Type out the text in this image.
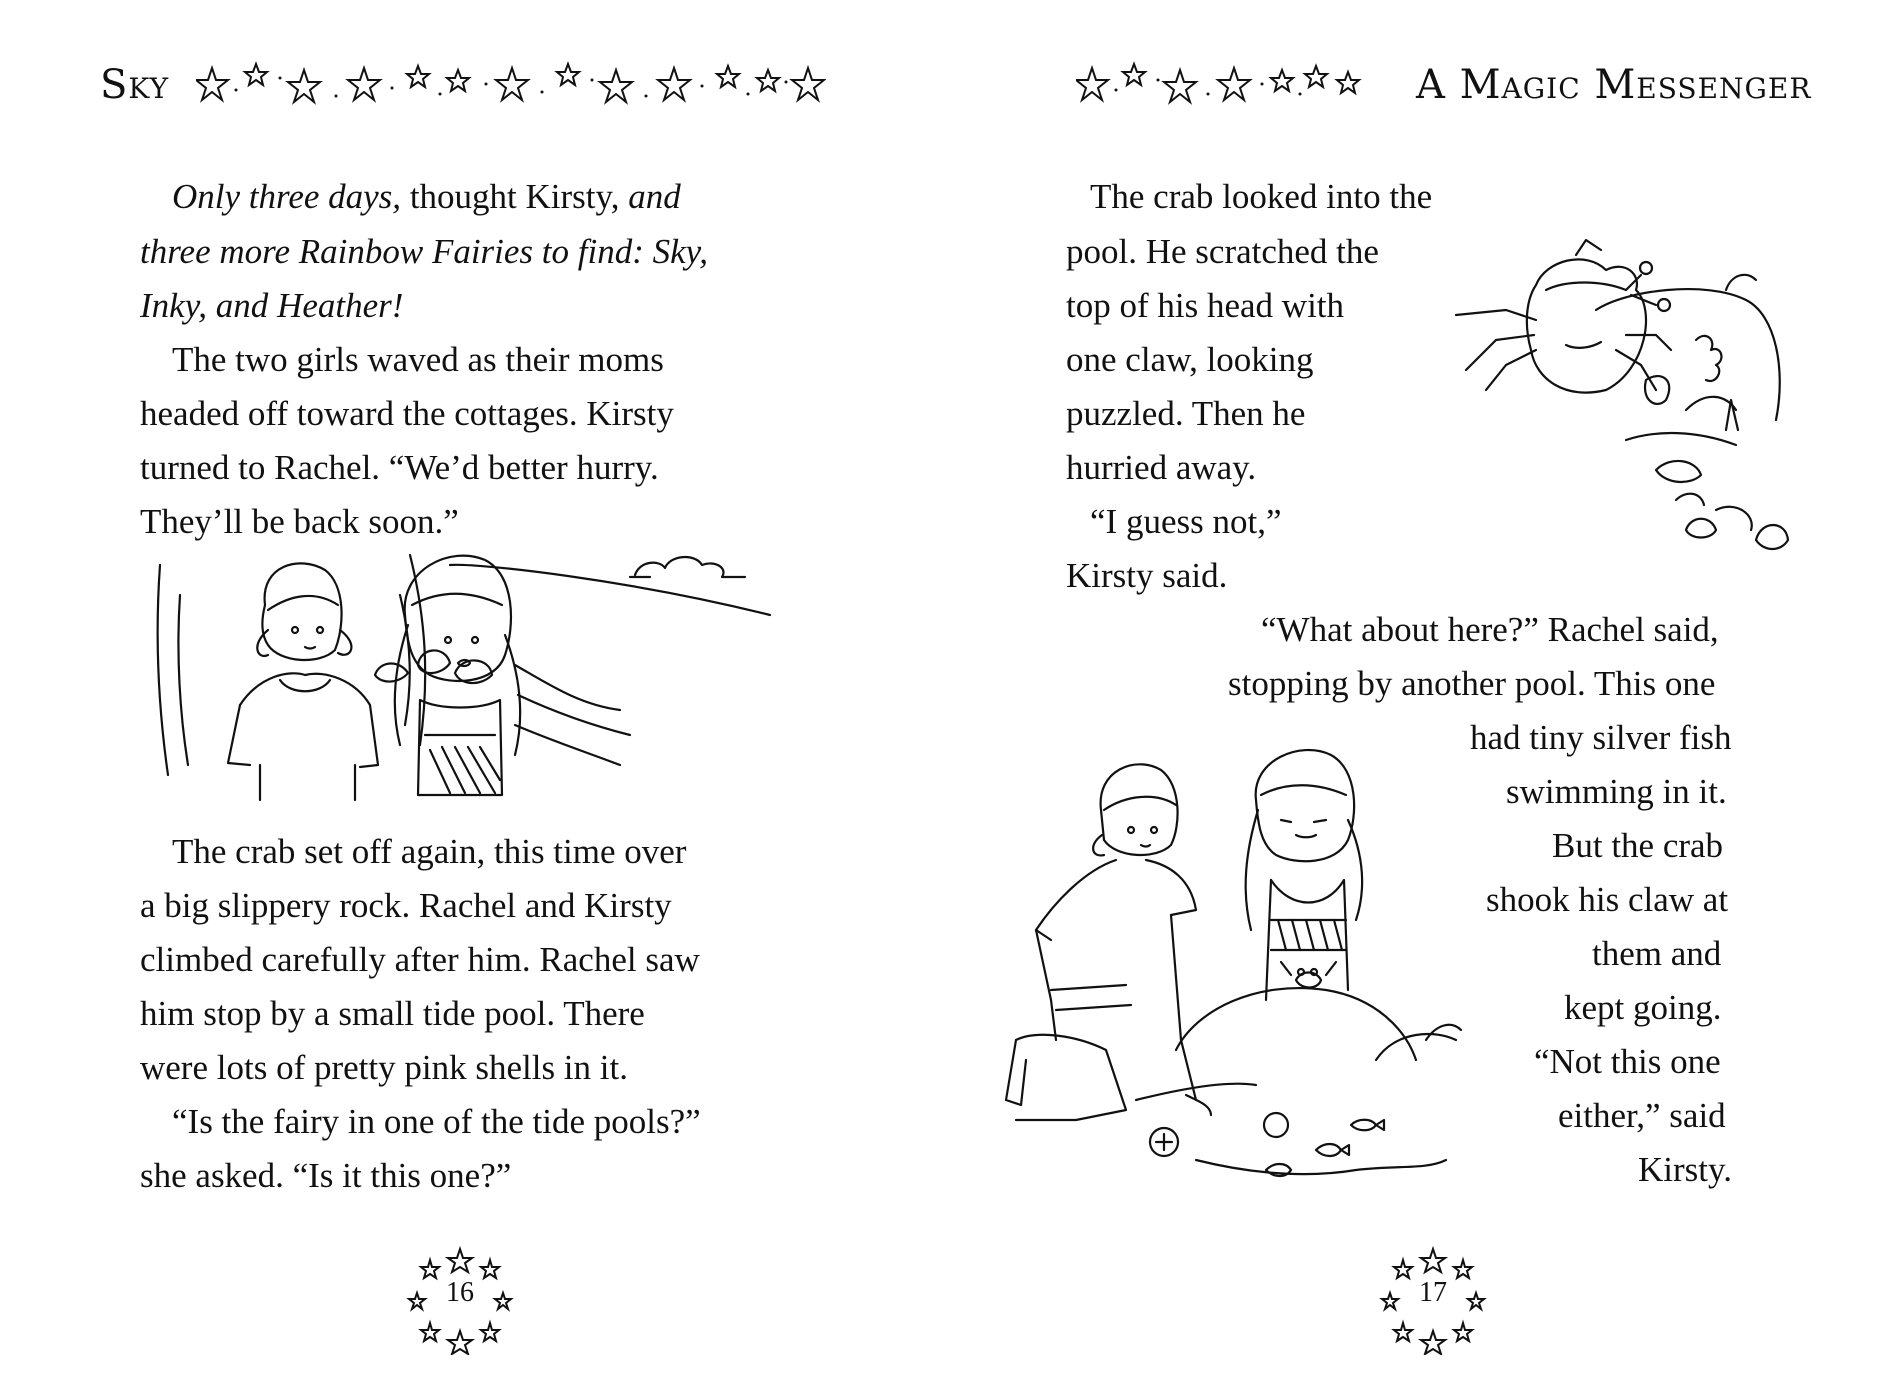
Sky
Only three days, thought Kirsty, and
three more Rainbow Fairies to find: Sky,
Inky, and Heather!
The two girls waved as their moms
headed off toward the cottages. Kirsty
turned to Rachel. “We’d better hurry.
They’ll be back soon.”
The crab set off again, this time over
a big slippery rock. Rachel and Kirsty
climbed carefully after him. Rachel saw
him stop by a small tide pool. There
were lots of pretty pink shells in it.
“Is the fairy in one of the tide pools?”
she asked. “Is it this one?”
16
A Magic Messenger
The crab looked into the
pool. He scratched the
top of his head with
one claw, looking
puzzled. Then he
hurried away.
“I guess not,”
Kirsty said.
“What about here?” Rachel said,
stopping by another pool. This one
had tiny silver fish
swimming in it.
But the crab
shook his claw at
them and
kept going.
“Not this one
either,” said
Kirsty.
17
